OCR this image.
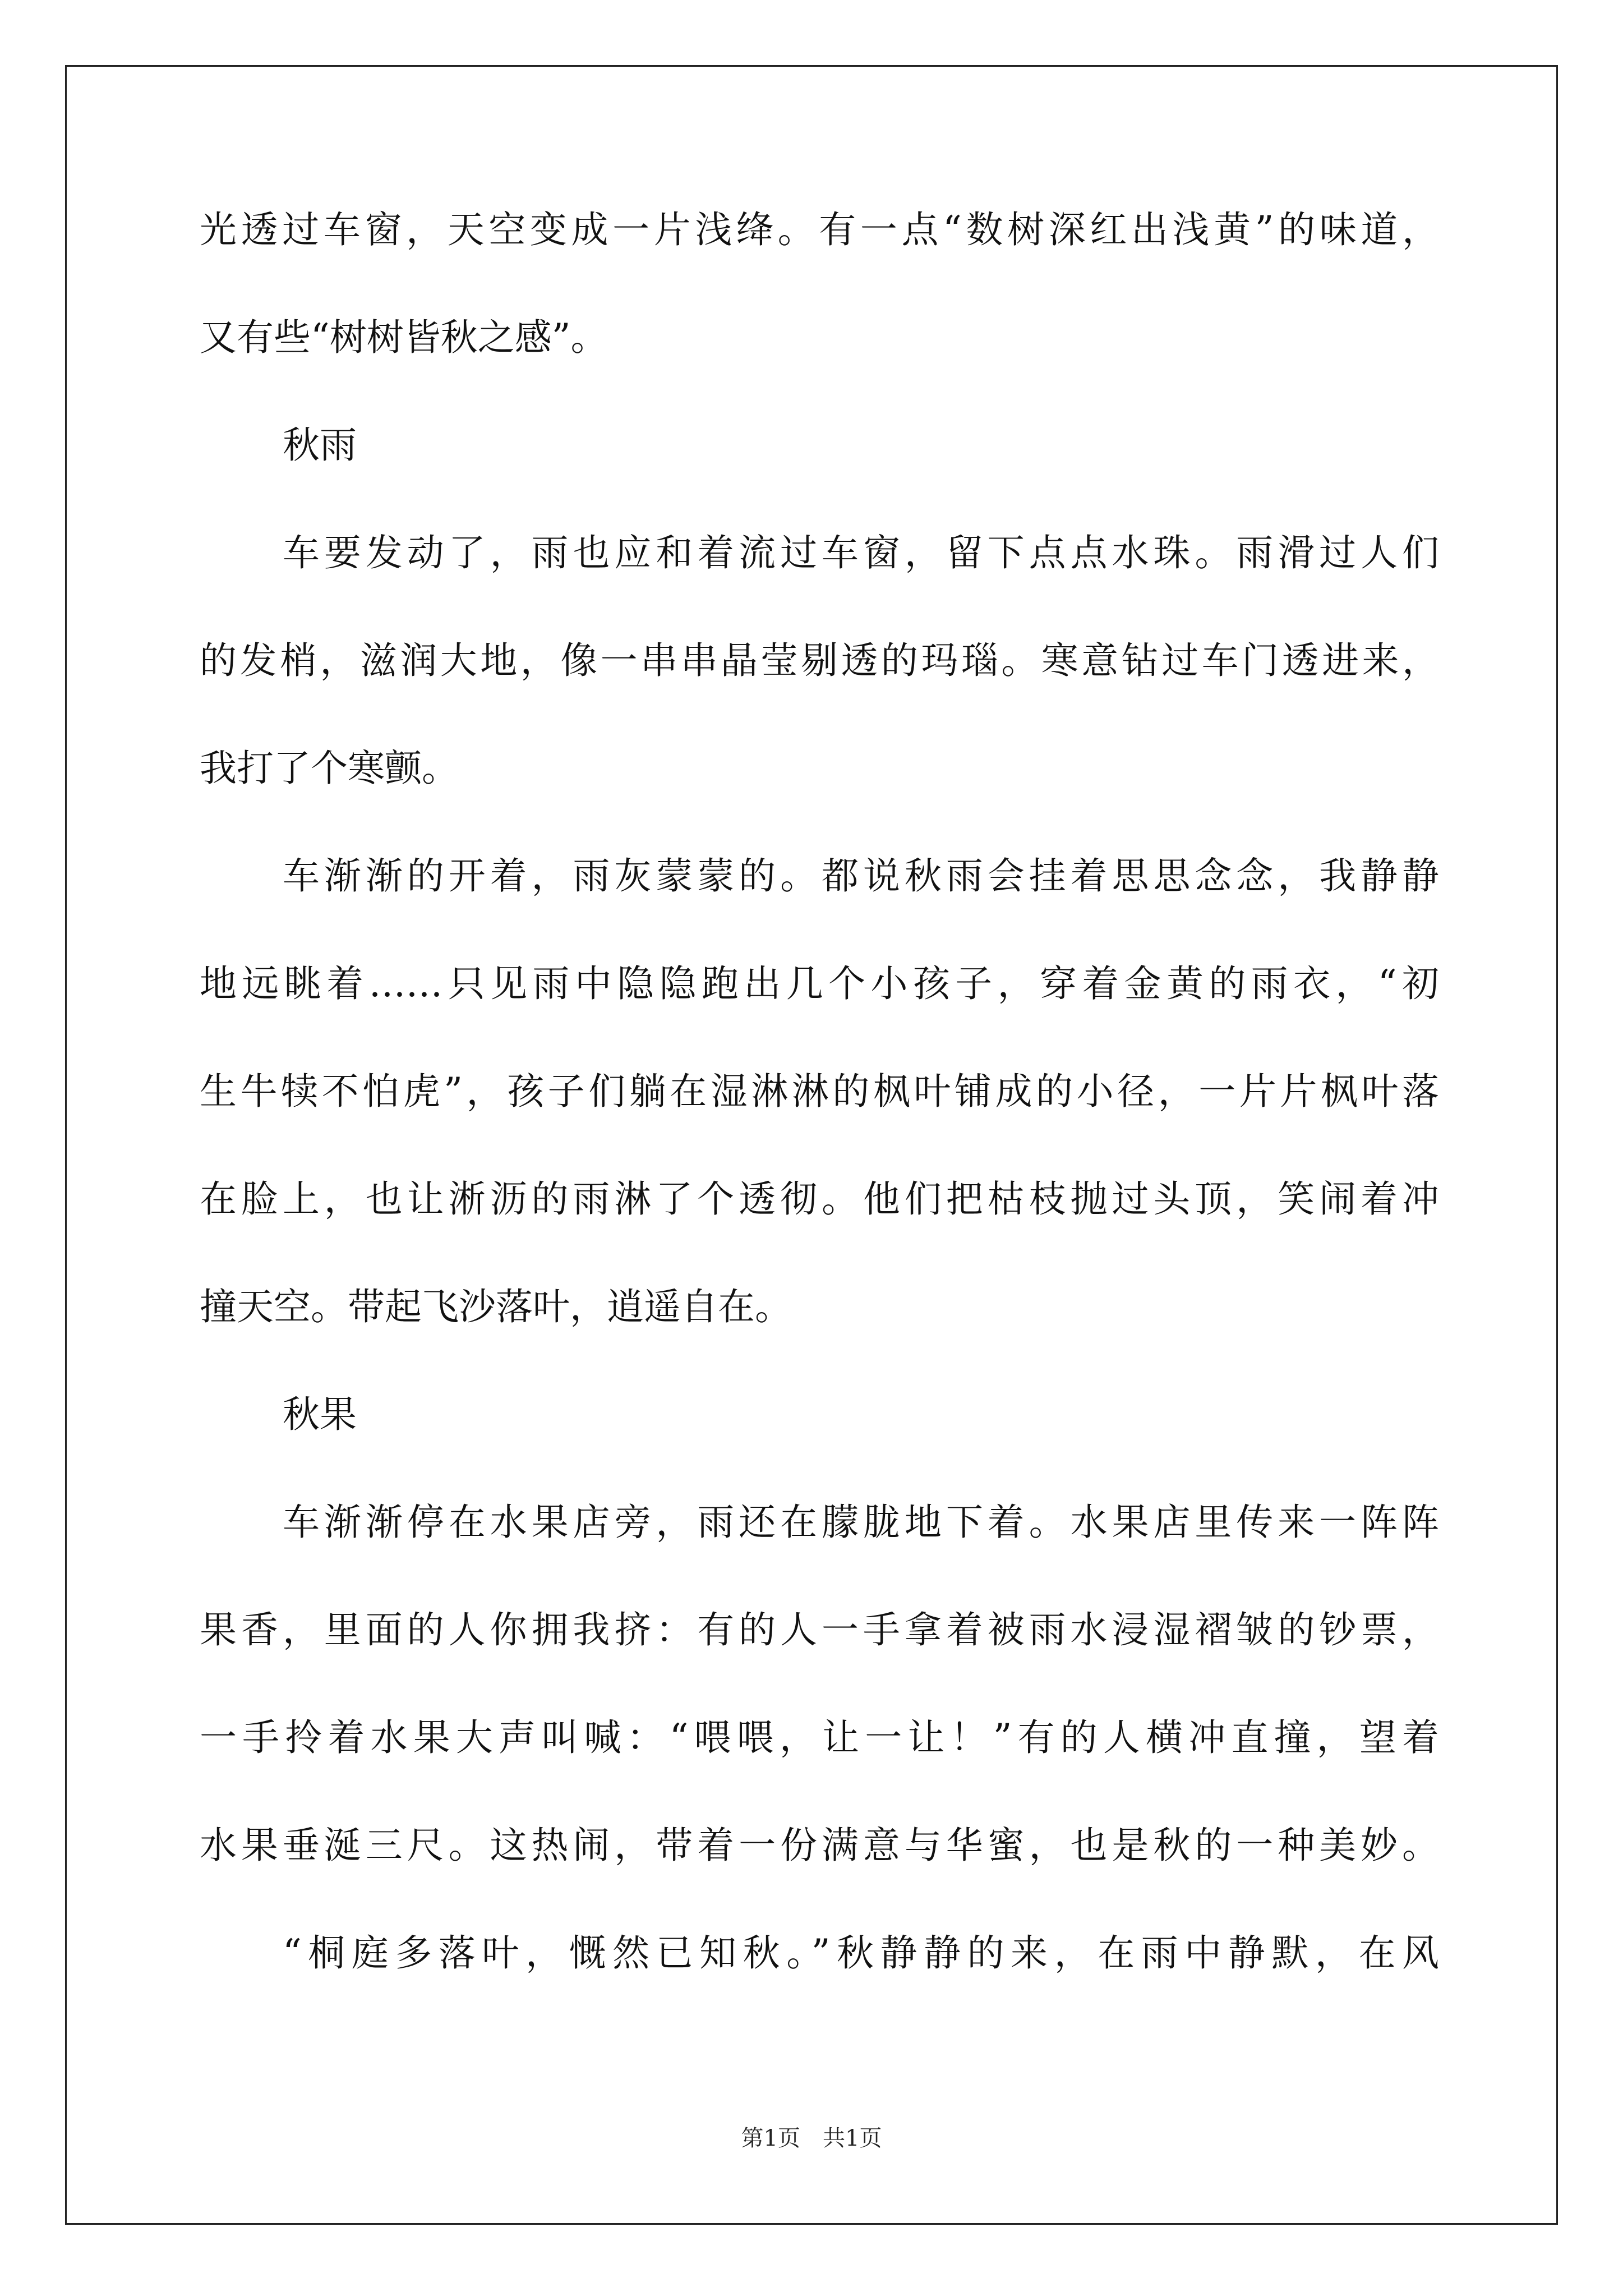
光透过车窗，天空变成一片浅绛。有一点“数树深红出浅黄”的味道，
又有些“树树皆秋之感”。
秋雨
车要发动了，雨也应和着流过车窗，留下点点水珠。雨滑过人们
的发梢，滋润大地，像一串串晶莹剔透的玛瑙。寒意钻过车门透进来，
我打了个寒颤。
车渐渐的开着，雨灰蒙蒙的。都说秋雨会挂着思思念念，我静静
地远眺着……只见雨中隐隐跑出几个小孩子，穿着金黄的雨衣，“初
生牛犊不怕虎”，孩子们躺在湿淋淋的枫叶铺成的小径，一片片枫叶落
在脸上，也让淅沥的雨淋了个透彻。他们把枯枝抛过头顶，笑闹着冲
撞天空。带起飞沙落叶，逍遥自在。
秋果
车渐渐停在水果店旁，雨还在朦胧地下着。水果店里传来一阵阵
果香，里面的人你拥我挤：有的人一手拿着被雨水浸湿褶皱的钞票，
一手拎着水果大声叫喊：“喂喂，让一让！”有的人横冲直撞，望着
水果垂涎三尺。这热闹，带着一份满意与华蜜，也是秋的一种美妙。
“桐庭多落叶，慨然已知秋。”秋静静的来，在雨中静默，在风
第1页　共1页
